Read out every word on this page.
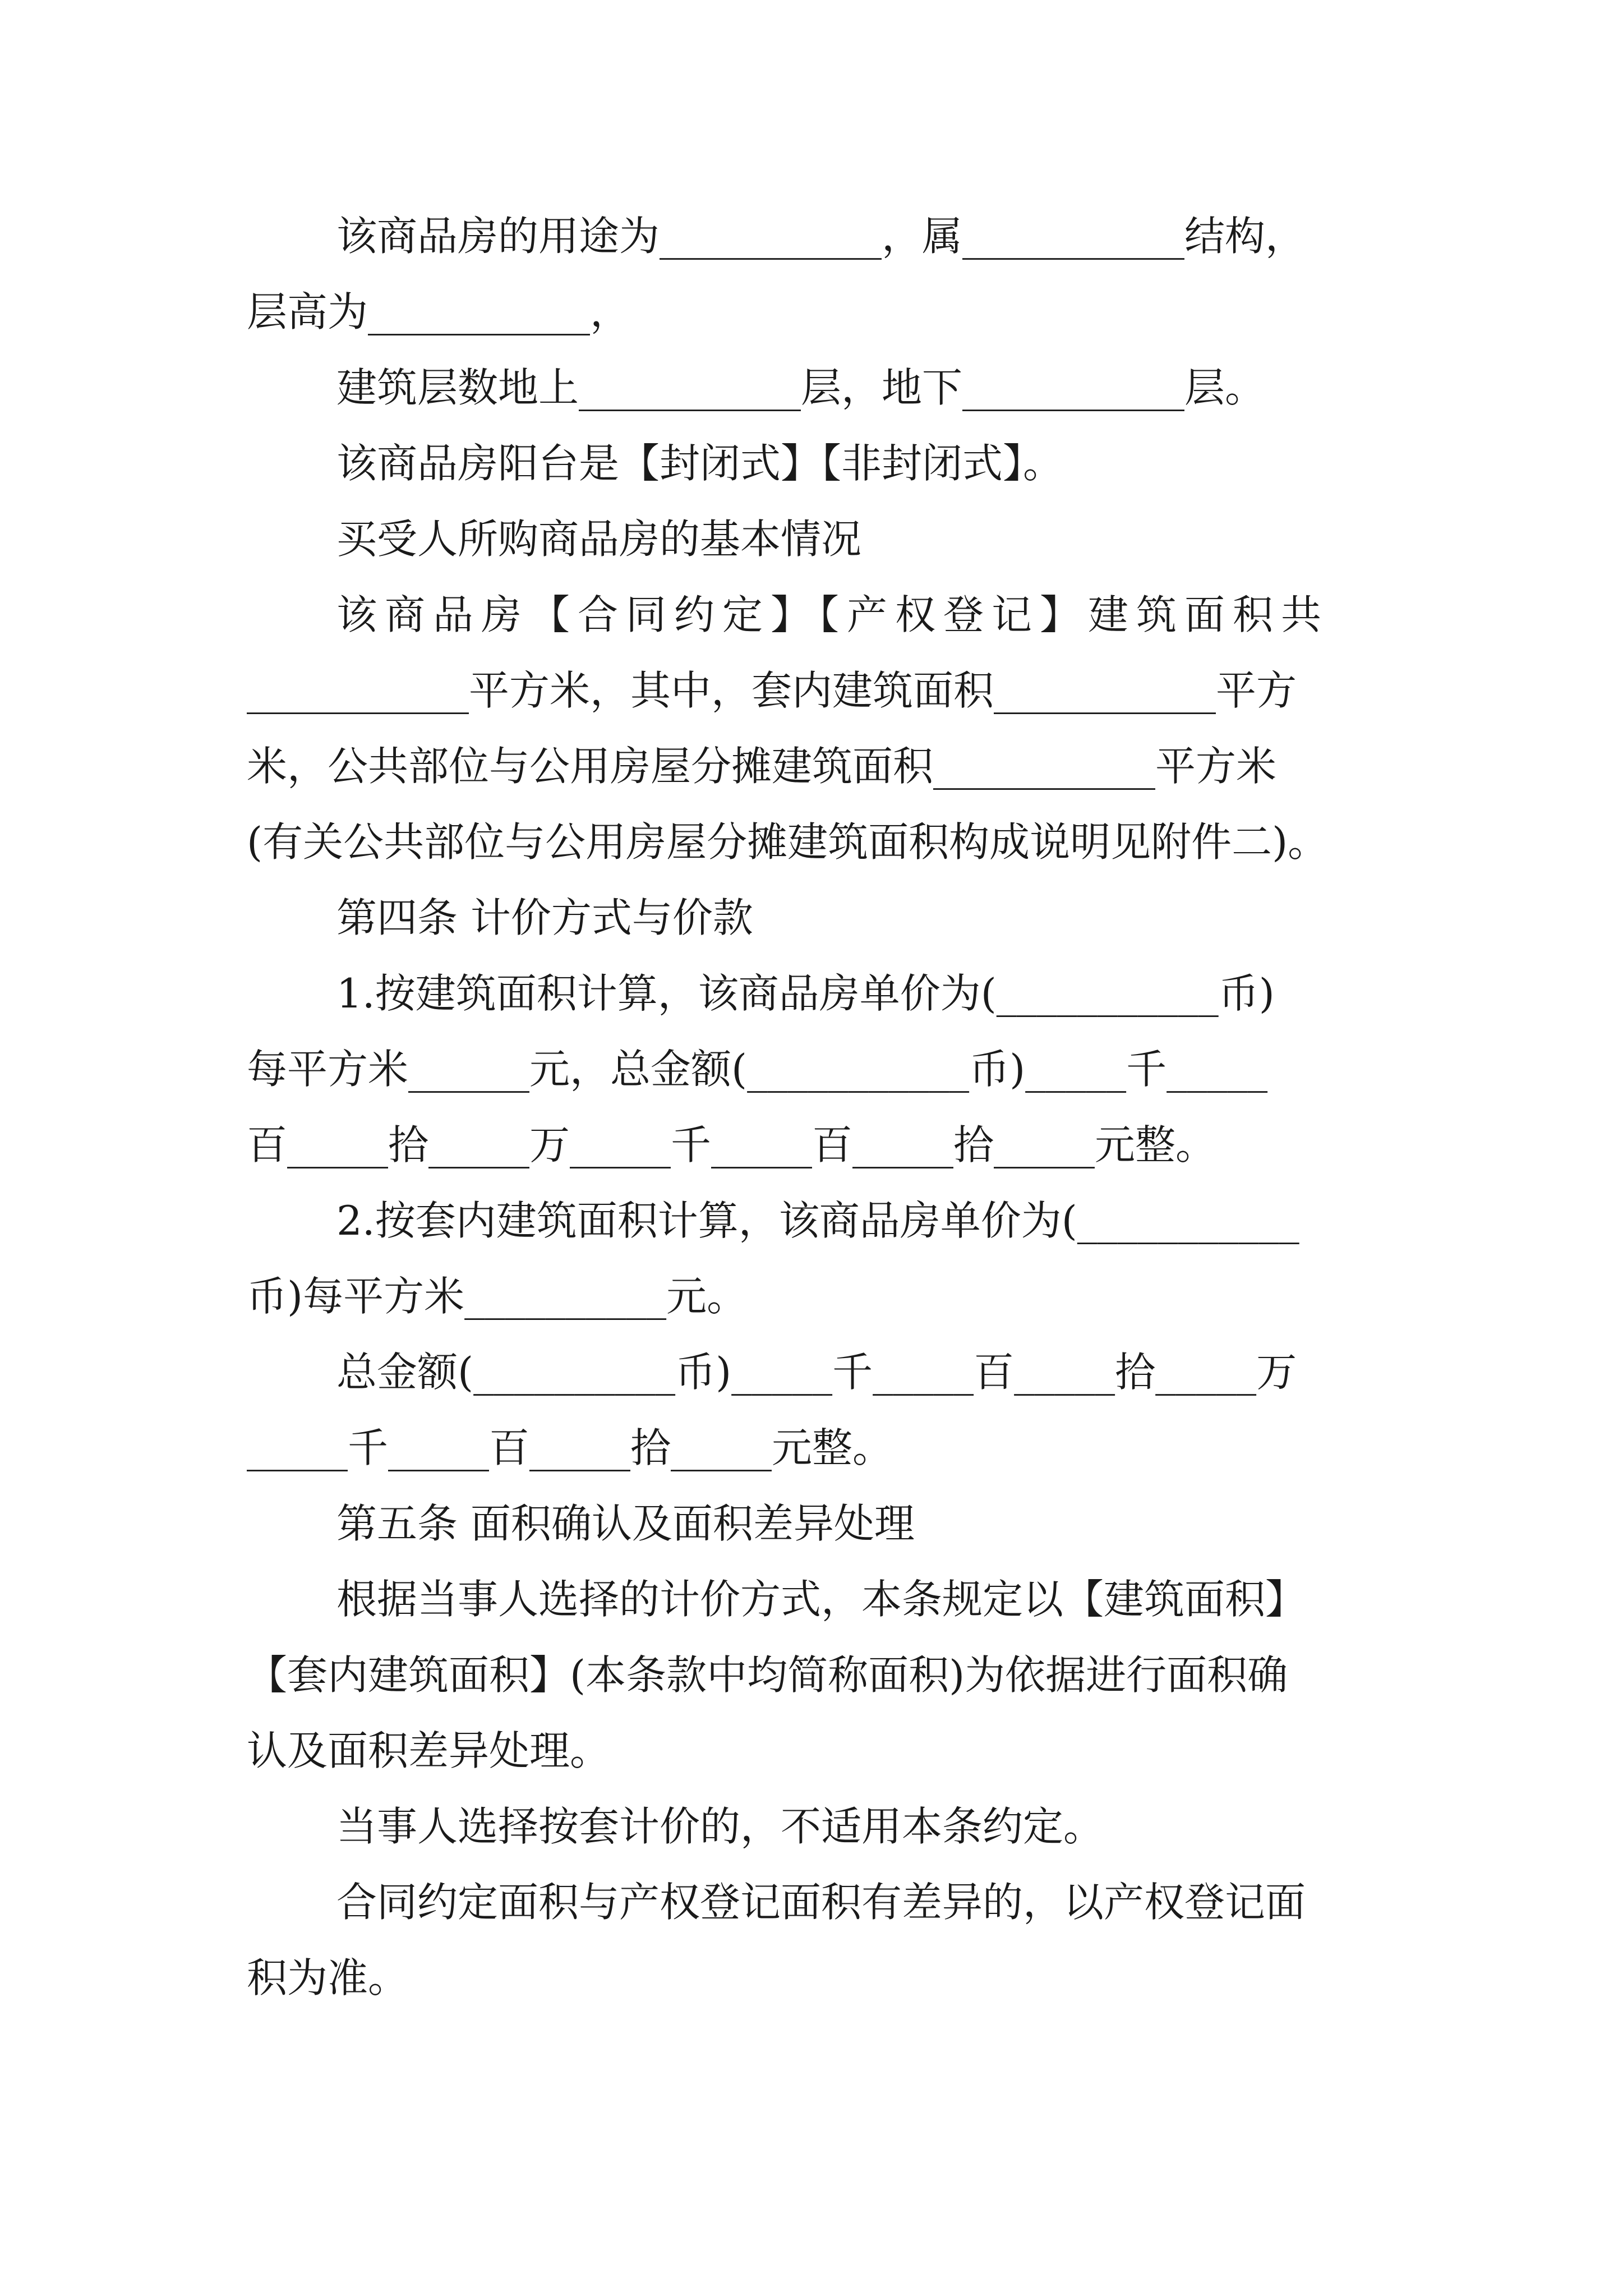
该商品房的用途为___________，属___________结构，
层高为___________，
建筑层数地上___________层，地下___________层。
该商品房阳台是【封闭式】【非封闭式】。
买受人所购商品房的基本情况
该商品房【合同约定】【产权登记】建筑面积共
___________平方米，其中，套内建筑面积___________平方
米，公共部位与公用房屋分摊建筑面积___________平方米
(有关公共部位与公用房屋分摊建筑面积构成说明见附件二)。
第四条 计价方式与价款
1.按建筑面积计算，该商品房单价为(___________币)
每平方米______元，总金额(___________币)_____千_____
百_____拾_____万_____千_____百_____拾_____元整。
2.按套内建筑面积计算，该商品房单价为(___________
币)每平方米__________元。
总金额(__________币)_____千_____百_____拾_____万
_____千_____百_____拾_____元整。
第五条 面积确认及面积差异处理
根据当事人选择的计价方式，本条规定以【建筑面积】
【套内建筑面积】(本条款中均简称面积)为依据进行面积确
认及面积差异处理。
当事人选择按套计价的，不适用本条约定。
合同约定面积与产权登记面积有差异的，以产权登记面
积为准。
